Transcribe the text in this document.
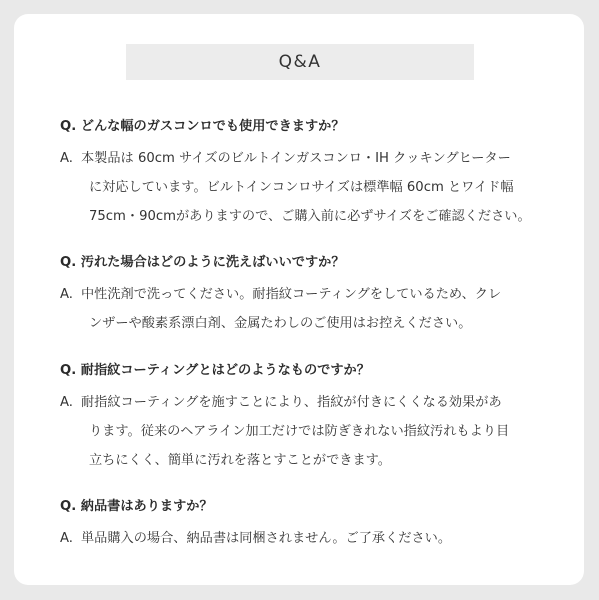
Q&A
Q. どんな幅のガスコンロでも使用できますか？
A. 本製品は 60cm サイズのビルトインガスコンロ・IH クッキングヒーター
に対応しています。ビルトインコンロサイズは標準幅 60cm とワイド幅
75cm・90cmがありますので、ご購入前に必ずサイズをご確認ください。
Q. 汚れた場合はどのように洗えばいいですか？
A. 中性洗剤で洗ってください。耐指紋コーティングをしているため、クレ
ンザーや酸素系漂白剤、金属たわしのご使用はお控えください。
Q. 耐指紋コーティングとはどのようなものですか？
A. 耐指紋コーティングを施すことにより、指紋が付きにくくなる効果があ
ります。従来のヘアライン加工だけでは防ぎきれない指紋汚れもより目
立ちにくく、簡単に汚れを落とすことができます。
Q. 納品書はありますか？
A. 単品購入の場合、納品書は同梱されません。ご了承ください。
